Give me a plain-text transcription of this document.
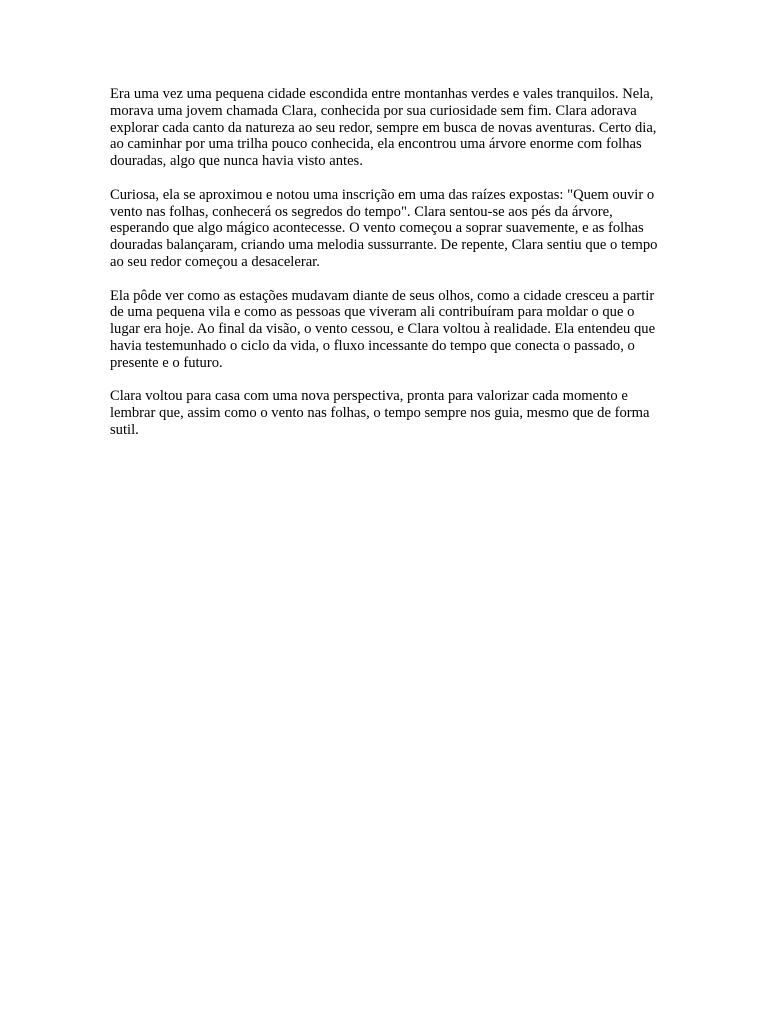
Era uma vez uma pequena cidade escondida entre montanhas verdes e vales tranquilos. Nela, morava uma jovem chamada Clara, conhecida por sua curiosidade sem fim. Clara adorava explorar cada canto da natureza ao seu redor, sempre em busca de novas aventuras. Certo dia, ao caminhar por uma trilha pouco conhecida, ela encontrou uma árvore enorme com folhas douradas, algo que nunca havia visto antes.

Curiosa, ela se aproximou e notou uma inscrição em uma das raízes expostas: "Quem ouvir o vento nas folhas, conhecerá os segredos do tempo". Clara sentou-se aos pés da árvore, esperando que algo mágico acontecesse. O vento começou a soprar suavemente, e as folhas douradas balançaram, criando uma melodia sussurrante. De repente, Clara sentiu que o tempo ao seu redor começou a desacelerar.

Ela pôde ver como as estações mudavam diante de seus olhos, como a cidade cresceu a partir de uma pequena vila e como as pessoas que viveram ali contribuíram para moldar o que o lugar era hoje. Ao final da visão, o vento cessou, e Clara voltou à realidade. Ela entendeu que havia testemunhado o ciclo da vida, o fluxo incessante do tempo que conecta o passado, o presente e o futuro.

Clara voltou para casa com uma nova perspectiva, pronta para valorizar cada momento e lembrar que, assim como o vento nas folhas, o tempo sempre nos guia, mesmo que de forma sutil.
